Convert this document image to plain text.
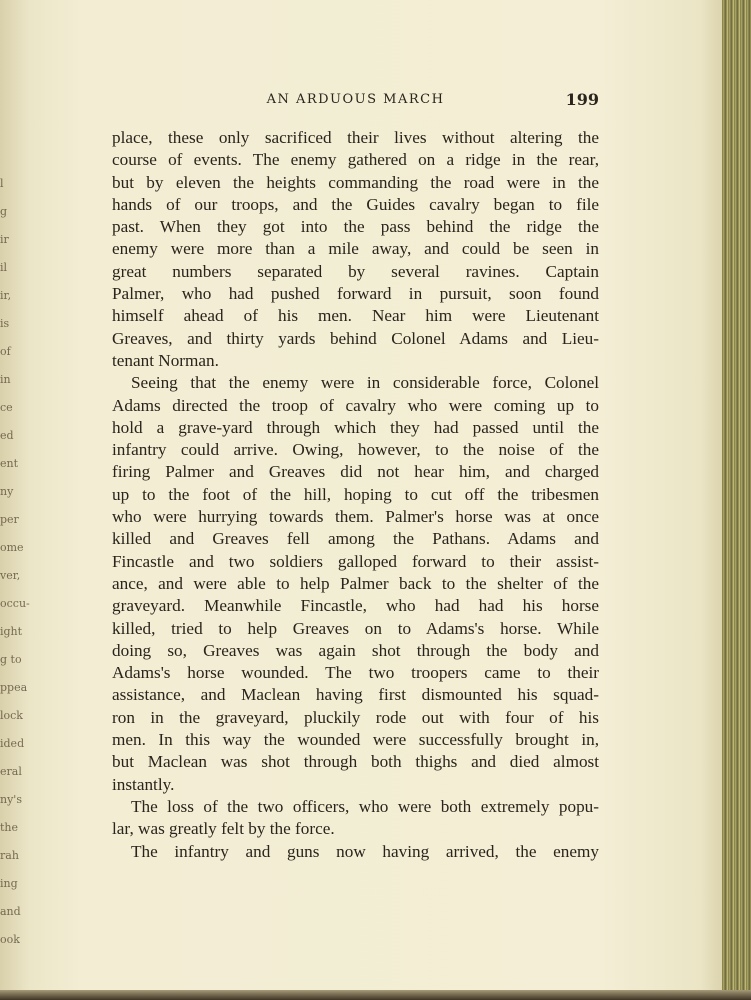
l
g
ir
il
ir,
is
of
in
ce
ed
ent
ny
per
ome
ver,
occu-
ight
g to
ppea
lock
ided
eral
ny's
the
rah
ing
and
ook
AN ARDUOUS MARCH	199

place, these only sacrificed their lives without altering the
course of events. The enemy gathered on a ridge in the rear,
but by eleven the heights commanding the road were in the
hands of our troops, and the Guides cavalry began to file
past. When they got into the pass behind the ridge the
enemy were more than a mile away, and could be seen in
great numbers separated by several ravines. Captain
Palmer, who had pushed forward in pursuit, soon found
himself ahead of his men. Near him were Lieutenant
Greaves, and thirty yards behind Colonel Adams and Lieu-
tenant Norman.

Seeing that the enemy were in considerable force, Colonel
Adams directed the troop of cavalry who were coming up to
hold a grave-yard through which they had passed until the
infantry could arrive. Owing, however, to the noise of the
firing Palmer and Greaves did not hear him, and charged
up to the foot of the hill, hoping to cut off the tribesmen
who were hurrying towards them. Palmer's horse was at once
killed and Greaves fell among the Pathans. Adams and
Fincastle and two soldiers galloped forward to their assist-
ance, and were able to help Palmer back to the shelter of the
graveyard. Meanwhile Fincastle, who had had his horse
killed, tried to help Greaves on to Adams's horse. While
doing so, Greaves was again shot through the body and
Adams's horse wounded. The two troopers came to their
assistance, and Maclean having first dismounted his squad-
ron in the graveyard, pluckily rode out with four of his
men. In this way the wounded were successfully brought in,
but Maclean was shot through both thighs and died almost
instantly.

The loss of the two officers, who were both extremely popu-
lar, was greatly felt by the force.

The infantry and guns now having arrived, the enemy
